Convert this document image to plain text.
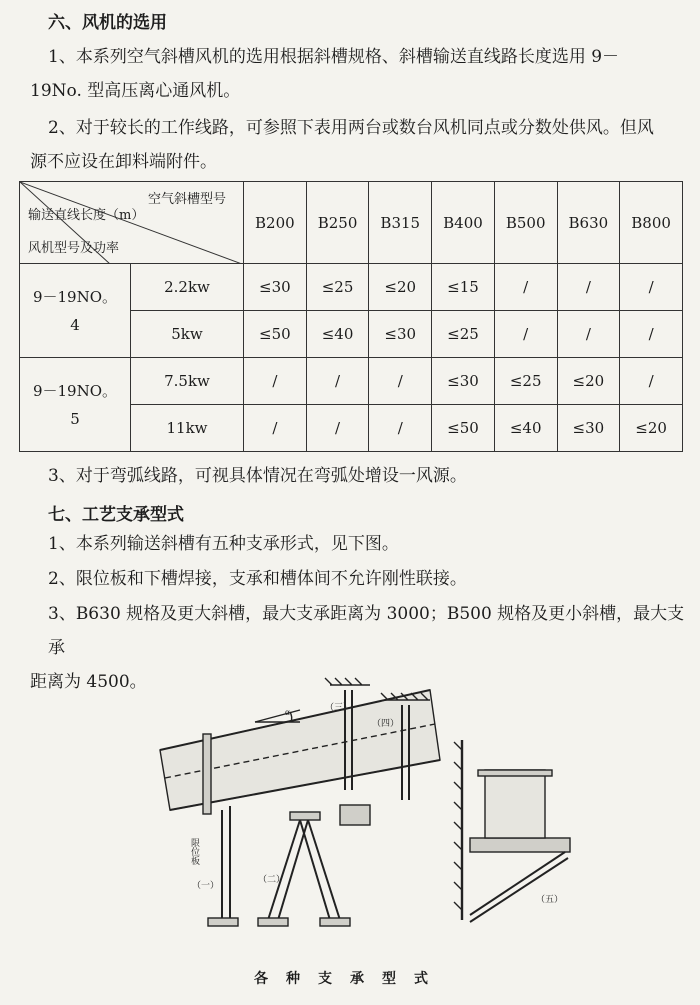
六、风机的选用
1、本系列空气斜槽风机的选用根据斜槽规格、斜槽输送直线路长度选用 9－
19No. 型高压离心通风机。
2、对于较长的工作线路，可参照下表用两台或数台风机同点或分数处供风。但风
源不应设在卸料端附件。
空气斜槽型号
输送直线长度（m）
风机型号及功率		B200	B250	B315	B400	B500	B630	B800

9－19NO。
4	2.2kw	≤30	≤25	≤20	≤15	/	/	/
	5kw	≤50	≤40	≤30	≤25	/	/	/

9－19NO。
5	7.5kw	/	/	/	≤30	≤25	≤20	/
	11kw	/	/	/	≤50	≤40	≤30	≤20
3、对于弯弧线路，可视具体情况在弯弧处增设一风源。
七、工艺支承型式
1、本系列输送斜槽有五种支承形式，见下图。
2、限位板和下槽焊接，支承和槽体间不允许刚性联接。
3、B630 规格及更大斜槽，最大支承距离为 3000；B500 规格及更小斜槽，最大支承
距离为 4500。
α
限位板
（一）
（二）
（三）
（四）
（五）
各种支承型式
